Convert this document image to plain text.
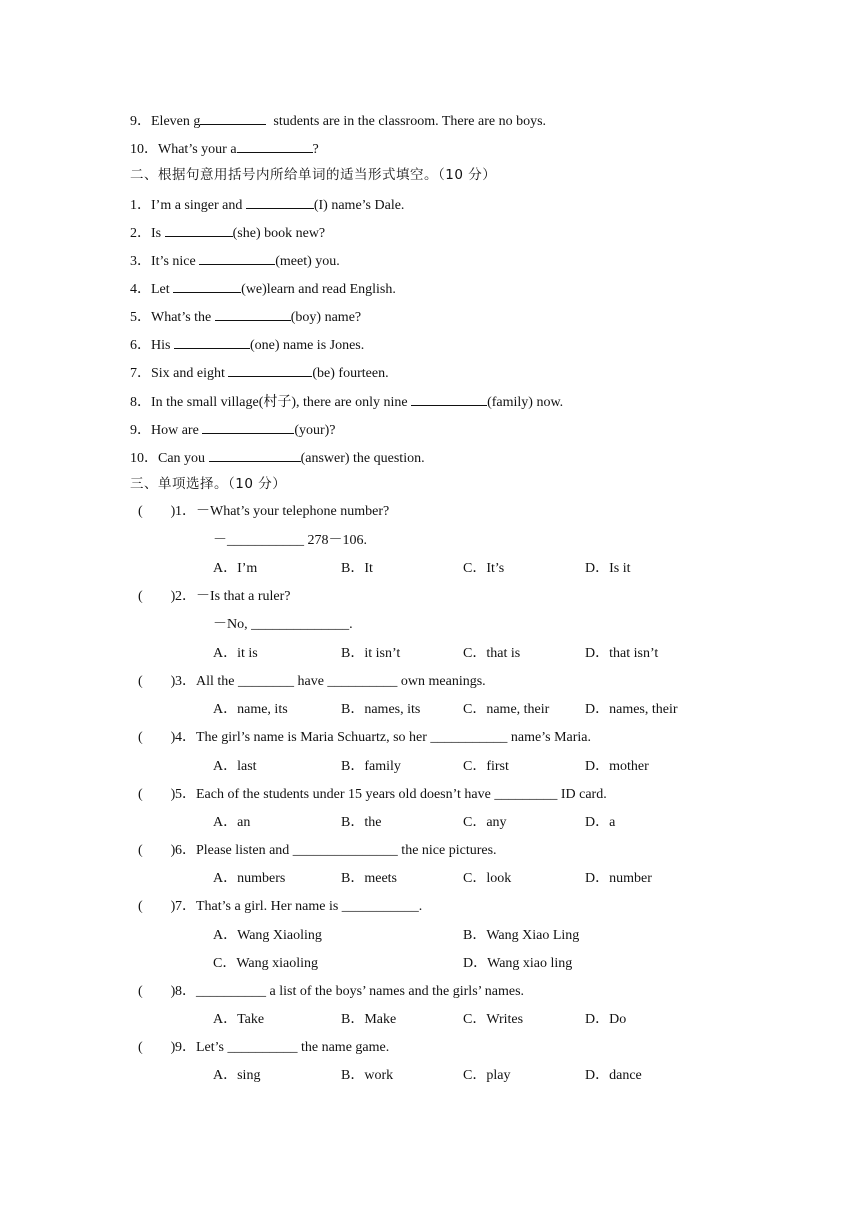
9．Eleven g	students are in the classroom. There are no boys.
10．What’s your a	?
二、根据句意用括号内所给单词的适当形式填空。（10 分）
1．I’m a singer and	(I) name’s Dale.
2．Is	(she) book new?
3．It’s nice	(meet) you.
4．Let	(we)learn and read English.
5．What’s the	(boy) name?
6．His	(one) name is Jones.
7．Six and eight	(be) fourteen.
8．In the small village(村子), there are only nine	(family) now.
9．How are	(your)?
10．Can you	(answer) the question.
三、单项选择。（10 分）
(        ) 1．－What’s your telephone number?
－___________ 278－106.
A．I’m	B．It	C．It’s	D．Is it
(        ) 2．－Is that a ruler?
－No, ______________.
A．it is	B．it isn’t	C．that is	D．that isn’t
(        ) 3．All the ________ have __________ own meanings.
A．name, its	B．names, its	C．name, their	D．names, their
(        ) 4．The girl’s name is Maria Schuartz, so her ___________ name’s Maria.
A．last	B．family	C．first	D．mother
(        ) 5．Each of the students under 15 years old doesn’t have _________ ID card.
A．an	B．the	C．any	D．a
(        ) 6．Please listen and _______________ the nice pictures.
A．numbers	B．meets	C．look	D．number
(        ) 7．That’s a girl. Her name is ___________.
A．Wang Xiaoling	B．Wang Xiao Ling
C．Wang xiaoling	D．Wang xiao ling
(        ) 8．__________ a list of the boys’ names and the girls’ names.
A．Take	B．Make	C．Writes	D．Do
(        ) 9．Let’s __________ the name game.
A．sing	B．work	C．play	D．dance
